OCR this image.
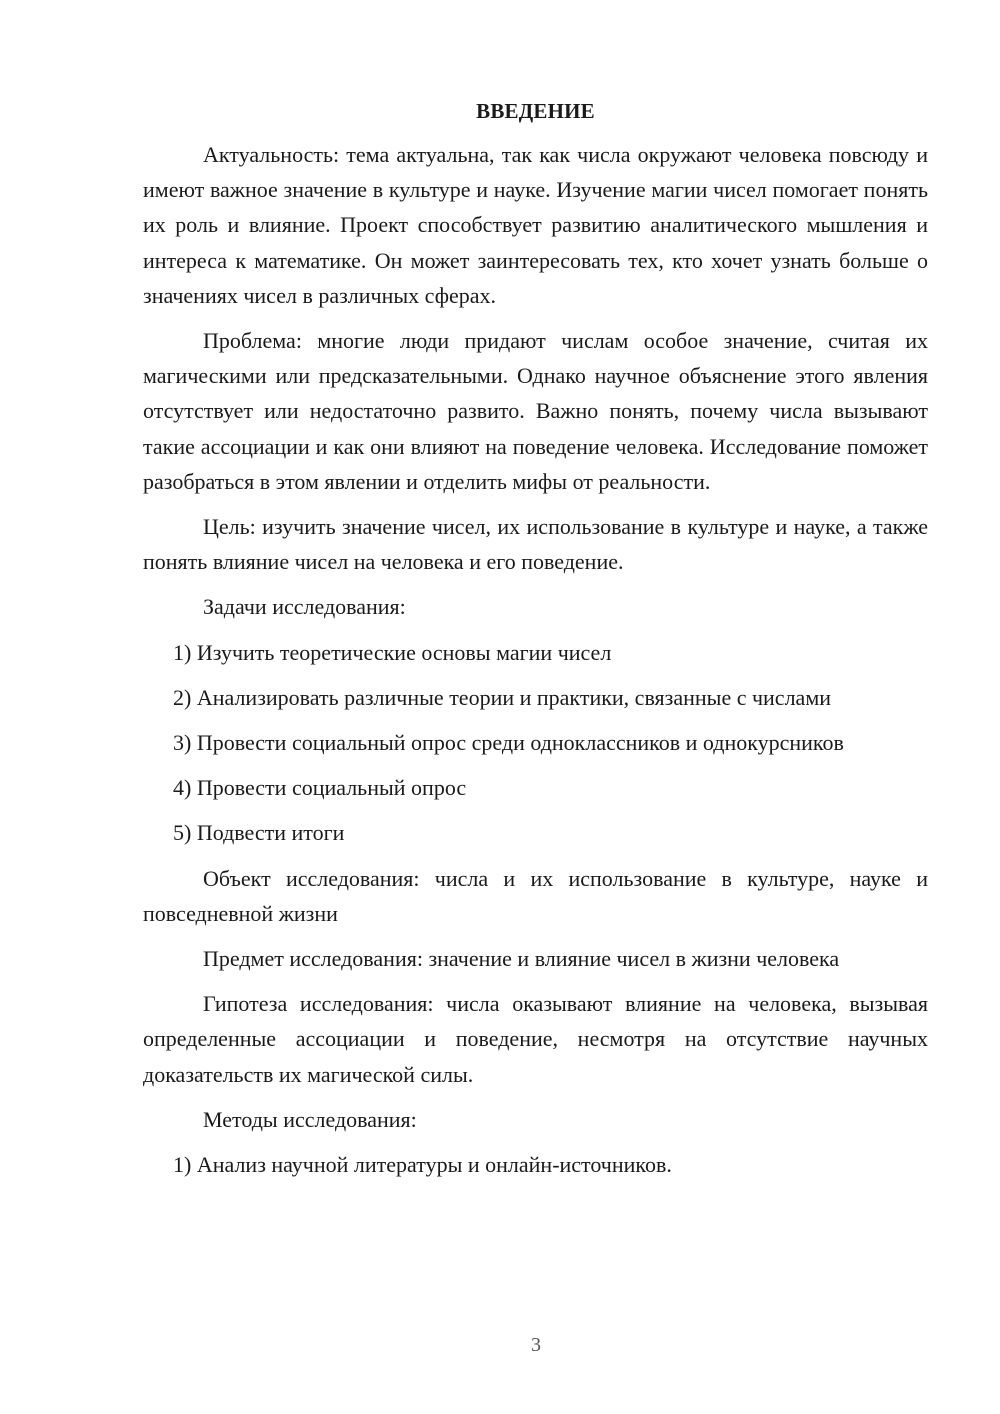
ВВЕДЕНИЕ

Актуальность: тема актуальна, так как числа окружают человека повсюду и имеют важное значение в культуре и науке. Изучение магии чисел помогает понять их роль и влияние. Проект способствует развитию аналитического мышления и интереса к математике. Он может заинтересовать тех, кто хочет узнать больше о значениях чисел в различных сферах.

Проблема: многие люди придают числам особое значение, считая их магическими или предсказательными. Однако научное объяснение этого явления отсутствует или недостаточно развито. Важно понять, почему числа вызывают такие ассоциации и как они влияют на поведение человека. Исследование поможет разобраться в этом явлении и отделить мифы от реальности.

Цель: изучить значение чисел, их использование в культуре и науке, а также понять влияние чисел на человека и его поведение.

Задачи исследования:

1) Изучить теоретические основы магии чисел

2) Анализировать различные теории и практики, связанные с числами

3) Провести социальный опрос среди одноклассников и однокурсников

4) Провести социальный опрос

5) Подвести итоги

Объект исследования: числа и их использование в культуре, науке и повседневной жизни

Предмет исследования: значение и влияние чисел в жизни человека

Гипотеза исследования: числа оказывают влияние на человека, вызывая определенные ассоциации и поведение, несмотря на отсутствие научных доказательств их магической силы.

Методы исследования:

1) Анализ научной литературы и онлайн-источников.

3
